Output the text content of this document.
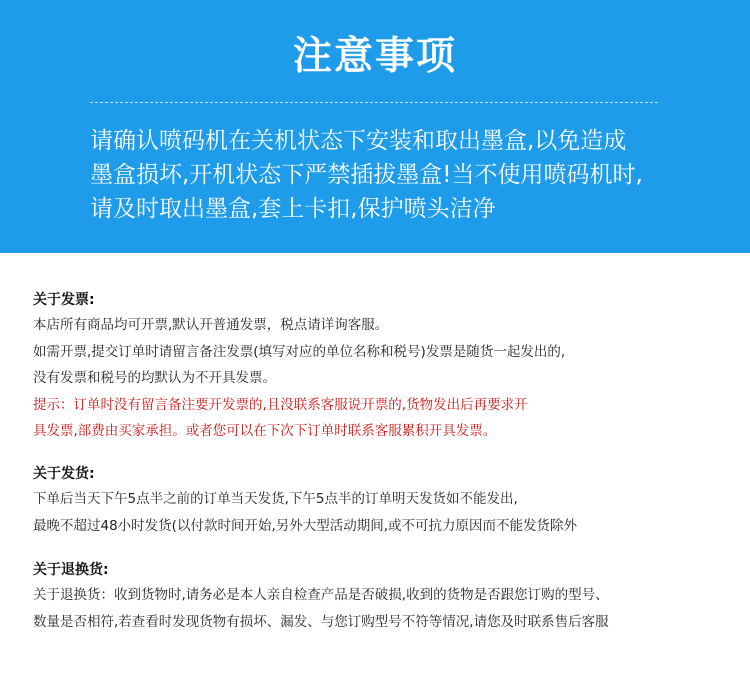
注意事项
请确认喷码机在关机状态下安装和取出墨盒,以免造成
墨盒损坏,开机状态下严禁插拔墨盒!当不使用喷码机时,
请及时取出墨盒,套上卡扣,保护喷头洁净
关于发票:
本店所有商品均可开票,默认开普通发票，税点请详询客服。
如需开票,提交订单时请留言备注发票(填写对应的单位名称和税号)发票是随货一起发出的,
没有发票和税号的均默认为不开具发票。
提示：订单时没有留言备注要开发票的,且没联系客服说开票的,货物发出后再要求开
具发票,部费由买家承担。或者您可以在下次下订单时联系客服累积开具发票。
关于发货:
下单后当天下午5点半之前的订单当天发货,下午5点半的订单明天发货如不能发出,
最晚不超过48小时发货(以付款时间开始,另外大型活动期间,或不可抗力原因而不能发货除外
关于退换货:
关于退换货：收到货物时,请务必是本人亲自检查产品是否破损,收到的货物是否跟您订购的型号、
数量是否相符,若查看时发现货物有损坏、漏发、与您订购型号不符等情况,请您及时联系售后客服
